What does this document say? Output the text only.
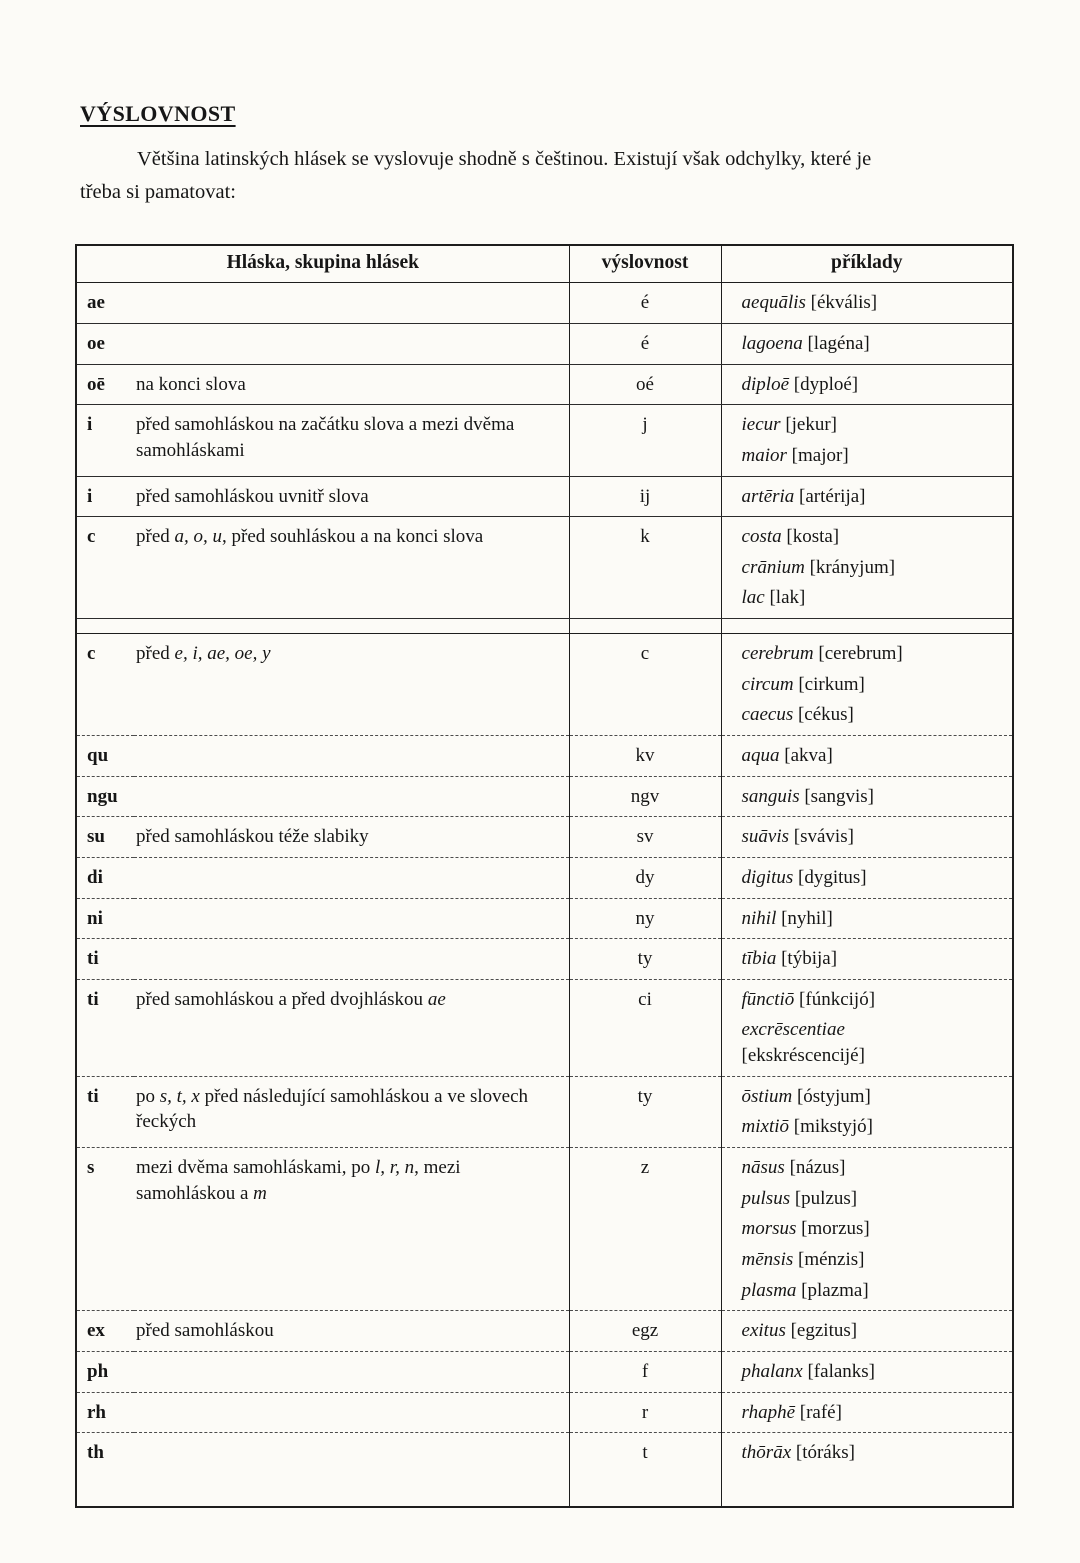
VÝSLOVNOST
Většina latinských hlásek se vyslovuje shodně s češtinou. Existují však odchylky, které je
třeba si pamatovat:
Hláska, skupina hlásek		výslovnost	příklady
ae		é	aequālis [ékvális]

oe		é	lagoena [lagéna]

oē	na konci slova	oé	diploē [dyploé]

i	před samohláskou na začátku slova a mezi dvěma samohláskami	j	iecur [jekur]
maior [major]

i	před samohláskou uvnitř slova	ij	artēria [artérija]

c	před a, o, u, před souhláskou a na konci slova	k	costa [kosta]
crānium [krányjum]
lac [lak]

c	před e, i, ae, oe, y	c	cerebrum [cerebrum]
circum [cirkum]
caecus [cékus]

qu		kv	aqua [akva]

ngu		ngv	sanguis [sangvis]

su	před samohláskou téže slabiky	sv	suāvis [svávis]

di		dy	digitus [dygitus]

ni		ny	nihil [nyhil]

ti		ty	tībia [týbija]

ti	před samohláskou a před dvojhláskou ae	ci	fūnctiō [fúnkcijó]
excrēscentiae
[ekskréscencijé]

ti	po s, t, x před následující samohláskou a ve slovech řeckých	ty	ōstium [óstyjum]
mixtiō [mikstyjó]

s	mezi dvěma samohláskami, po l, r, n, mezi samohláskou a m	z	nāsus [názus]
pulsus [pulzus]
morsus [morzus]
mēnsis [ménzis]
plasma [plazma]

ex	před samohláskou	egz	exitus [egzitus]

ph		f	phalanx [falanks]

rh		r	rhaphē [rafé]

th		t	thōrāx [tóráks]
